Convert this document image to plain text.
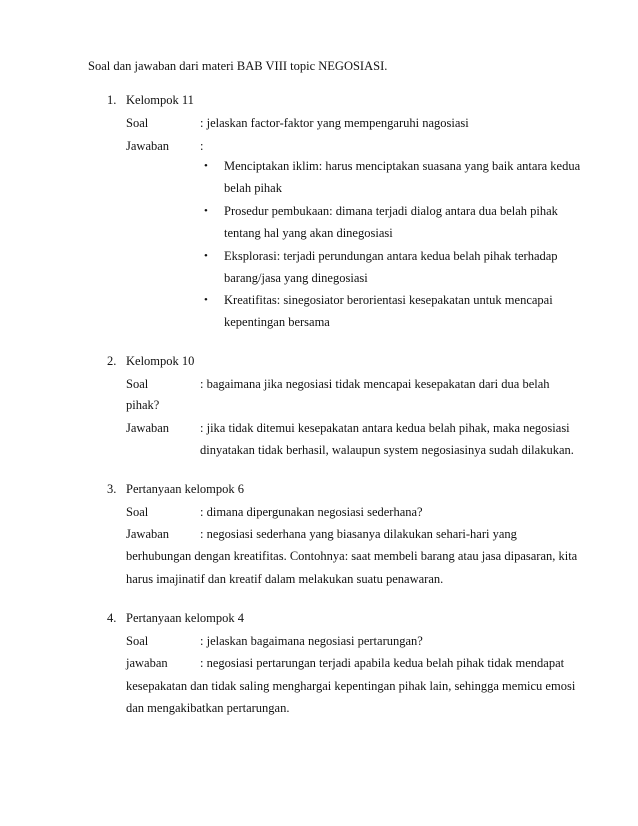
Soal dan jawaban dari materi BAB VIII topic NEGOSIASI.
1. Kelompok 11
Soal	: jelaskan factor-faktor yang mempengaruhi nagosiasi
Jawaban :
• Menciptakan iklim: harus menciptakan suasana yang baik antara kedua
belah pihak
• Prosedur pembukaan: dimana terjadi dialog antara dua belah pihak
tentang hal yang akan dinegosiasi
• Eksplorasi: terjadi perundungan antara kedua belah pihak terhadap
barang/jasa yang dinegosiasi
• Kreatifitas: sinegosiator berorientasi kesepakatan untuk mencapai
kepentingan bersama
2. Kelompok 10
Soal	: bagaimana jika negosiasi tidak mencapai kesepakatan dari dua belah
pihak?
Jawaban : jika tidak ditemui kesepakatan antara kedua belah pihak, maka negosiasi
dinyatakan tidak berhasil, walaupun system negosiasinya sudah dilakukan.
3. Pertanyaan kelompok 6
Soal	: dimana dipergunakan negosiasi sederhana?
Jawaban : negosiasi sederhana yang biasanya dilakukan sehari-hari yang
berhubungan dengan kreatifitas. Contohnya: saat membeli barang atau jasa dipasaran, kita
harus imajinatif dan kreatif dalam melakukan suatu penawaran.
4. Pertanyaan kelompok 4
Soal	: jelaskan bagaimana negosiasi pertarungan?
jawaban	: negosiasi pertarungan terjadi apabila kedua belah pihak tidak mendapat
kesepakatan dan tidak saling menghargai kepentingan pihak lain, sehingga memicu emosi
dan mengakibatkan pertarungan.
